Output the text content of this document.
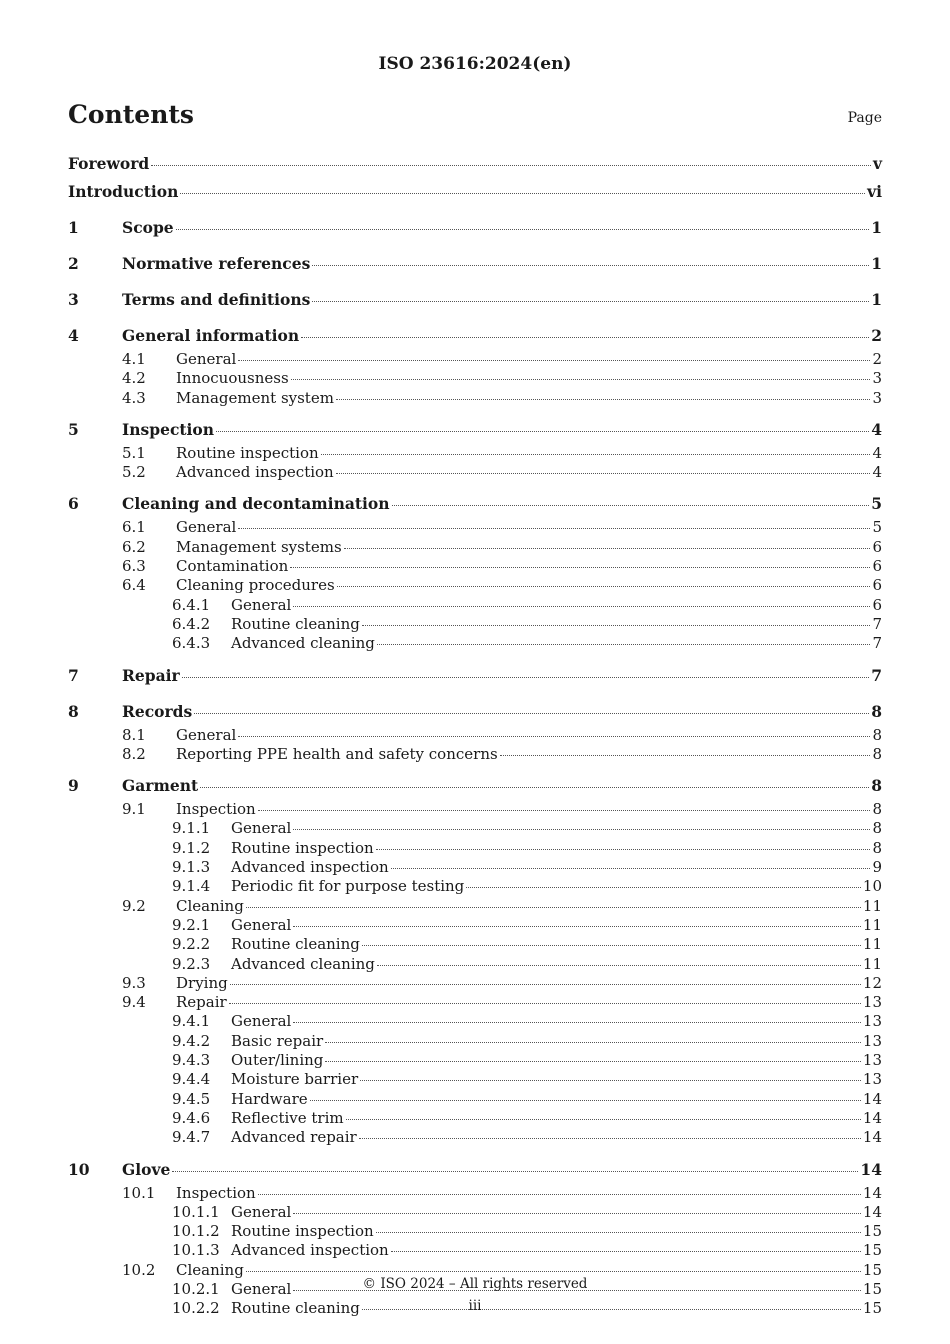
ISO 23616:2024(en)
Contents	Page
Foreword	v
Introduction	vi
1	Scope	1
2	Normative references	1
3	Terms and definitions	1
4	General information	2
4.1	General	2
4.2	Innocuousness	3
4.3	Management system	3
5	Inspection	4
5.1	Routine inspection	4
5.2	Advanced inspection	4
6	Cleaning and decontamination	5
6.1	General	5
6.2	Management systems	6
6.3	Contamination	6
6.4	Cleaning procedures	6
6.4.1	General	6
6.4.2	Routine cleaning	7
6.4.3	Advanced cleaning	7
7	Repair	7
8	Records	8
8.1	General	8
8.2	Reporting PPE health and safety concerns	8
9	Garment	8
9.1	Inspection	8
9.1.1	General	8
9.1.2	Routine inspection	8
9.1.3	Advanced inspection	9
9.1.4	Periodic fit for purpose testing	10
9.2	Cleaning	11
9.2.1	General	11
9.2.2	Routine cleaning	11
9.2.3	Advanced cleaning	11
9.3	Drying	12
9.4	Repair	13
9.4.1	General	13
9.4.2	Basic repair	13
9.4.3	Outer/lining	13
9.4.4	Moisture barrier	13
9.4.5	Hardware	14
9.4.6	Reflective trim	14
9.4.7	Advanced repair	14
10	Glove	14
10.1	Inspection	14
10.1.1 General	14
10.1.2 Routine inspection	15
10.1.3 Advanced inspection	15
10.2	Cleaning	15
10.2.1 General	15
10.2.2 Routine cleaning	15
© ISO 2024 – All rights reserved
iii
